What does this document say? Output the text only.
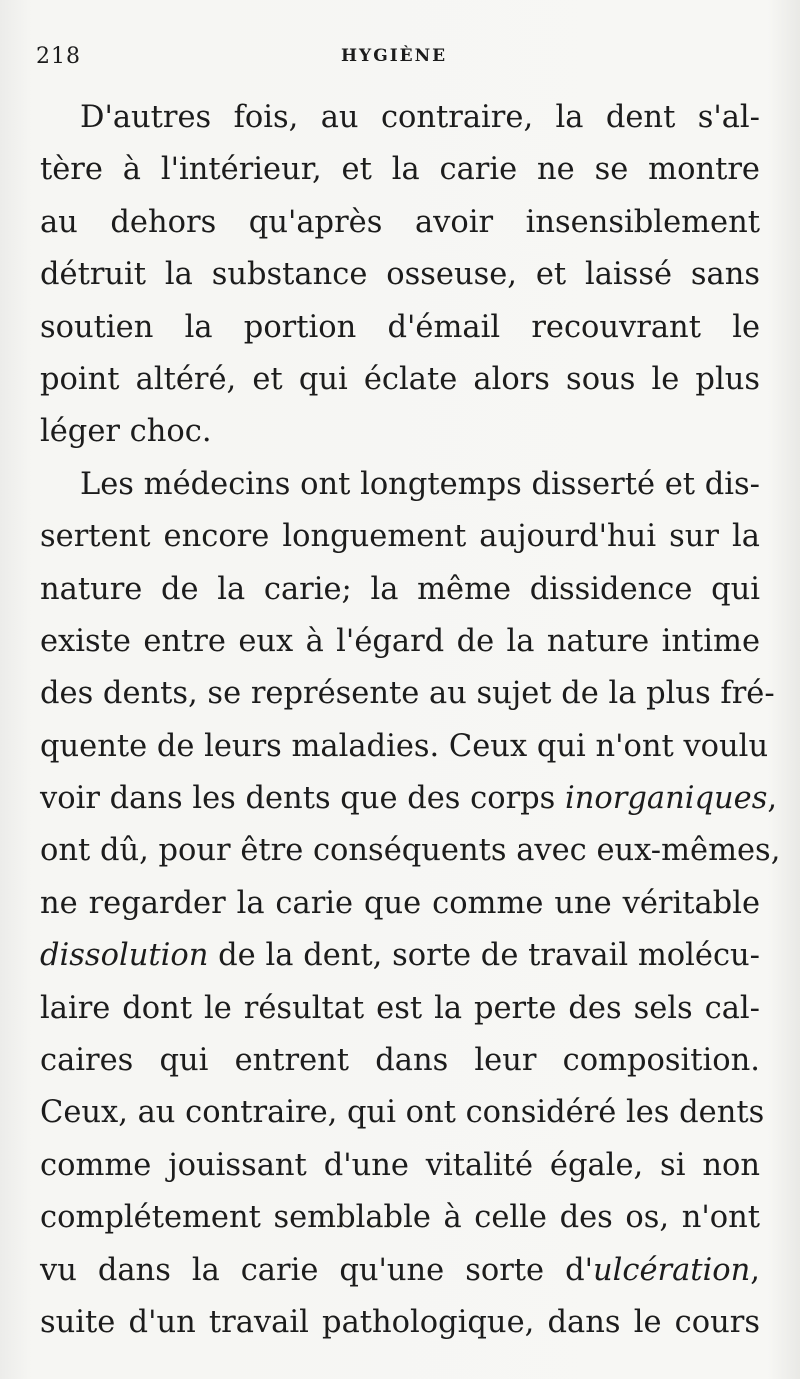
218	HYGIÈNE
D'autres fois, au contraire, la dent s'al-
tère à l'intérieur, et la carie ne se montre
au dehors qu'après avoir insensiblement
détruit la substance osseuse, et laissé sans
soutien la portion d'émail recouvrant le
point altéré, et qui éclate alors sous le plus
léger choc.
Les médecins ont longtemps disserté et dis-
sertent encore longuement aujourd'hui sur la
nature de la carie; la même dissidence qui
existe entre eux à l'égard de la nature intime
des dents, se représente au sujet de la plus fré-
quente de leurs maladies. Ceux qui n'ont voulu
voir dans les dents que des corps inorganiques,
ont dû, pour être conséquents avec eux-mêmes,
ne regarder la carie que comme une véritable
dissolution de la dent, sorte de travail molécu-
laire dont le résultat est la perte des sels cal-
caires qui entrent dans leur composition.
Ceux, au contraire, qui ont considéré les dents
comme jouissant d'une vitalité égale, si non
complétement semblable à celle des os, n'ont
vu dans la carie qu'une sorte d'ulcération,
suite d'un travail pathologique, dans le cours
